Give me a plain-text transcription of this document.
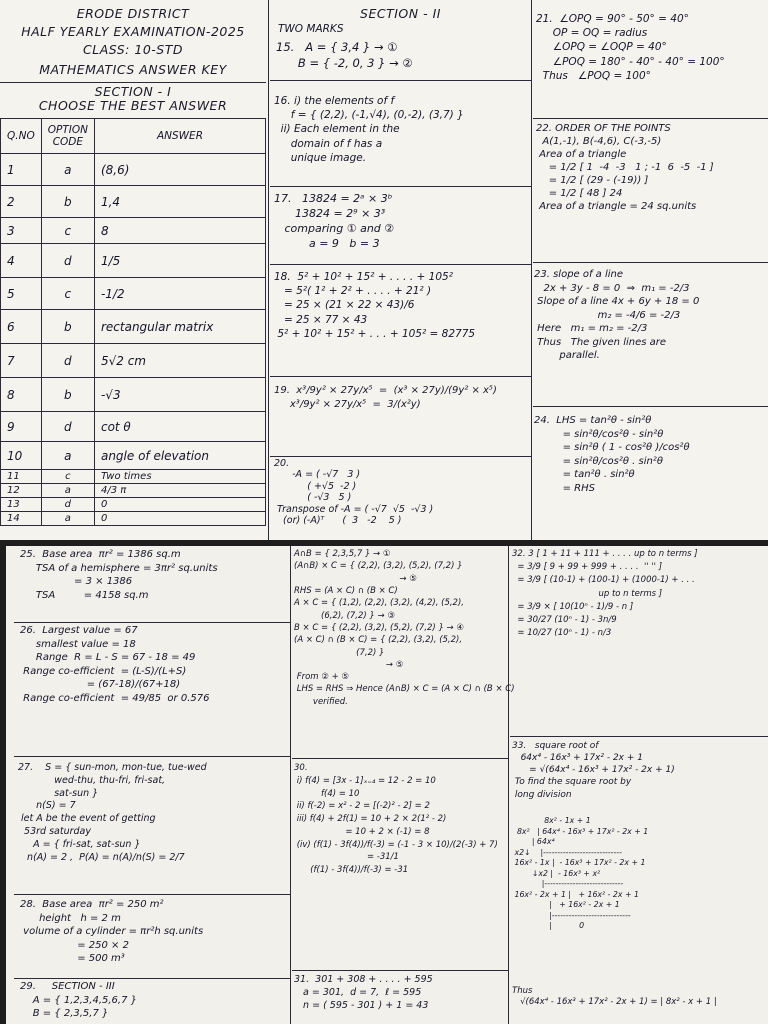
ERODE DISTRICT
HALF YEARLY EXAMINATION-2025
CLASS: 10-STD
MATHEMATICS ANSWER KEY
SECTION - I
CHOOSE THE BEST ANSWER
Q.NO	OPTION CODE	ANSWER
1	a	(8,6)
2	b	1,4
3	c	8
4	d	1/5
5	c	-1/2
6	b	rectangular matrix
7	d	5√2 cm
8	b	-√3
9	d	cot θ
10	a	angle of elevation
11	c	Two times
12	a	4/3 π
13	d	0
14	a	0
SECTION - II
TWO MARKS
15.   A = { 3,4 } → ①
B = { -2, 0, 3 } → ②
16. i) the elements of f
f = { (2,2), (-1,√4), (0,-2), (3,7) }
ii) Each element in the
domain of f has a
unique image.
17.   13824 = 2ᵃ × 3ᵇ
13824 = 2⁹ × 3³
comparing ① and ②
a = 9   b = 3
18.  5² + 10² + 15² + . . . . + 105²
= 5²( 1² + 2² + . . . . + 21² )
= 25 × (21 × 22 × 43)/6
= 25 × 77 × 43
5² + 10² + 15² + . . . + 105² = 82775
19.  x³/9y² × 27y/x⁵  =  (x³ × 27y)/(9y² × x⁵)
x³/9y² × 27y/x⁵  =  3/(x²y)
20.
-A = ( -√7   3 )
( +√5  -2 )
( -√3   5 )
Transpose of -A = ( -√7  √5  -√3 )
(or) (-A)ᵀ      (  3   -2    5 )
21.  ∠OPQ = 90° - 50° = 40°
OP = OQ = radius
∠OPQ = ∠OQP = 40°
∠POQ = 180° - 40° - 40° = 100°
Thus   ∠POQ = 100°
22. ORDER OF THE POINTS
A(1,-1), B(-4,6), C(-3,-5)
Area of a triangle
= 1/2 [ 1  -4  -3   1 ; -1  6  -5  -1 ]
= 1/2 [ (29 - (-19)) ]
= 1/2 [ 48 ] 24
Area of a triangle = 24 sq.units
23. slope of a line
2x + 3y - 8 = 0  ⇒  m₁ = -2/3
Slope of a line 4x + 6y + 18 = 0
m₂ = -4/6 = -2/3
Here   m₁ = m₂ = -2/3
Thus   The given lines are
parallel.
24.  LHS = tan²θ - sin²θ
= sin²θ/cos²θ - sin²θ
= sin²θ ( 1 - cos²θ )/cos²θ
= sin²θ/cos²θ . sin²θ
= tan²θ . sin²θ
= RHS
25.  Base area  πr² = 1386 sq.m
TSA of a hemisphere = 3πr² sq.units
= 3 × 1386
TSA         = 4158 sq.m
26.  Largest value = 67
smallest value = 18
Range  R = L - S = 67 - 18 = 49
Range co-efficient  = (L-S)/(L+S)
= (67-18)/(67+18)
Range co-efficient  = 49/85  or 0.576
27.    S = { sun-mon, mon-tue, tue-wed
wed-thu, thu-fri, fri-sat,
sat-sun }
n(S) = 7
let A be the event of getting
53rd saturday
A = { fri-sat, sat-sun }
n(A) = 2 ,  P(A) = n(A)/n(S) = 2/7
28.  Base area  πr² = 250 m²
height   h = 2 m
volume of a cylinder = πr²h sq.units
= 250 × 2
= 500 m³
29.     SECTION - III
A = { 1,2,3,4,5,6,7 }
B = { 2,3,5,7 }
A∩B = { 2,3,5,7 } → ①
(A∩B) × C = { (2,2), (3,2), (5,2), (7,2) }
→ ⑤
RHS = (A × C) ∩ (B × C)
A × C = { (1,2), (2,2), (3,2), (4,2), (5,2),
(6,2), (7,2) } → ③
B × C = { (2,2), (3,2), (5,2), (7,2) } → ④
(A × C) ∩ (B × C) = { (2,2), (3,2), (5,2),
(7,2) }
→ ⑤
From ② + ⑤
LHS = RHS ⇒ Hence (A∩B) × C = (A × C) ∩ (B × C)
verified.
30.
i) f(4) = [3x - 1]ₓ₌₄ = 12 - 2 = 10
f(4) = 10
ii) f(-2) = x² - 2 = [(-2)² - 2] = 2
iii) f(4) + 2f(1) = 10 + 2 × 2(1² - 2)
= 10 + 2 × (-1) = 8
(iv) (f(1) - 3f(4))/f(-3) = (-1 - 3 × 10)/(2(-3) + 7)
= -31/1
(f(1) - 3f(4))/f(-3) = -31
31.  301 + 308 + . . . . + 595
a = 301,  d = 7,  ℓ = 595
n = ( 595 - 301 ) + 1 = 43
32. 3 [ 1 + 11 + 111 + . . . . up to n terms ]
= 3/9 [ 9 + 99 + 999 + . . . .  '' '' ]
= 3/9 [ (10-1) + (100-1) + (1000-1) + . . .
up to n terms ]
= 3/9 × [ 10(10ⁿ - 1)/9 - n ]
= 30/27 (10ⁿ - 1) - 3n/9
= 10/27 (10ⁿ - 1) - n/3
33.   square root of
64x⁴ - 16x³ + 17x² - 2x + 1
= √(64x⁴ - 16x³ + 17x² - 2x + 1)
To find the square root by
long division
8x² - 1x + 1
8x²   | 64x⁴ - 16x³ + 17x² - 2x + 1
| 64x⁴
x2↓    |----------------------------
16x² - 1x |  - 16x³ + 17x² - 2x + 1
↓x2 |  - 16x³ + x²
|----------------------------
16x² - 2x + 1 |   + 16x² - 2x + 1
|   + 16x² - 2x + 1
|----------------------------
|           0
Thus
√(64x⁴ - 16x³ + 17x² - 2x + 1) = | 8x² - x + 1 |
